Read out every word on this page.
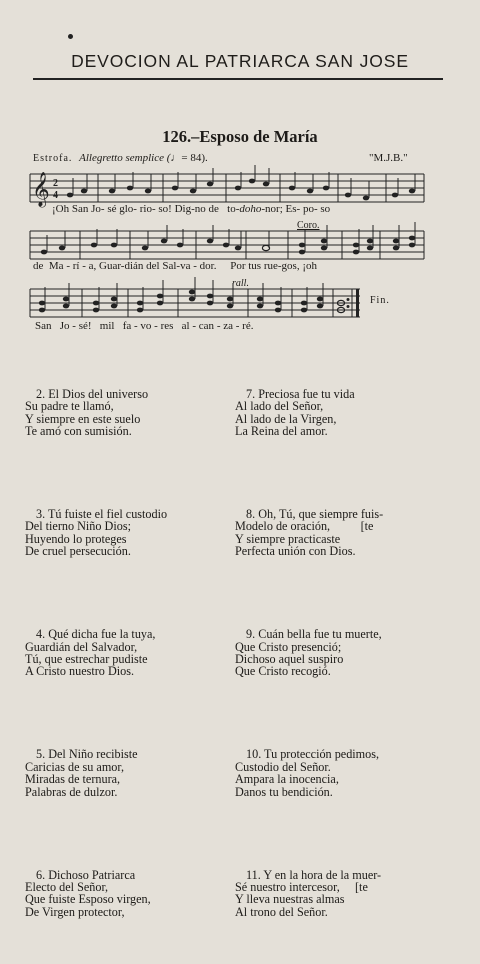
DEVOCION AL PATRIARCA SAN JOSE
126.–Esposo de María
Estrofa. Allegretto semplice (♩= 84).	"M.J.B."
𝄞 2
4
¡Oh San Jo- sé glo- rio- so! Dig-no de to-doho-nor; Es- po- so
Coro.
de Ma - rí - a, Guar-dián del Sal-va - dor. Por tus rue-gos, ¡oh
rall.
Fin.
San Jo - sé! mil fa - vo - res al - can - za - ré.

2. El Dios del universo
Su padre te llamó,
Y siempre en este suelo
Te amó con sumisión.

3. Tú fuiste el fiel custodio
Del tierno Niño Dios;
Huyendo lo proteges
De cruel persecución.

4. Qué dicha fue la tuya,
Guardián del Salvador,
Tú, que estrechar pudiste
A Cristo nuestro Dios.

5. Del Niño recibiste
Caricias de su amor,
Miradas de ternura,
Palabras de dulzor.

6. Dichoso Patriarca
Electo del Señor,
Que fuiste Esposo virgen,
De Virgen protector,

7. Preciosa fue tu vida
Al lado del Señor,
Al lado de la Virgen,
La Reina del amor.

8. Oh, Tú, que siempre fuis-
Modelo de oración,          [te
Y siempre practicaste
Perfecta unión con Dios.

9. Cuán bella fue tu muerte,
Que Cristo presenció;
Dichoso aquel suspiro
Que Cristo recogió.

10. Tu protección pedimos,
Custodio del Señor.
Ampara la inocencia,
Danos tu bendición.

11. Y en la hora de la muer-
Sé nuestro intercesor,     [te
Y lleva nuestras almas
Al trono del Señor.
